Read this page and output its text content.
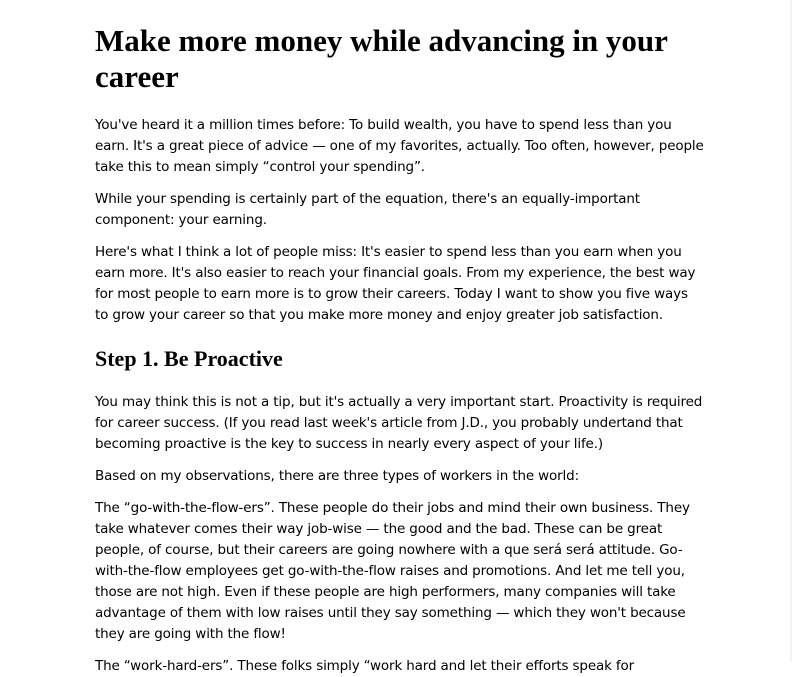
Make more money while advancing in your career

You've heard it a million times before: To build wealth, you have to spend less than you earn. It's a great piece of advice — one of my favorites, actually. Too often, however, people take this to mean simply “control your spending”.

While your spending is certainly part of the equation, there's an equally-important component: your earning.

Here's what I think a lot of people miss: It's easier to spend less than you earn when you earn more. It's also easier to reach your financial goals. From my experience, the best way for most people to earn more is to grow their careers. Today I want to show you five ways to grow your career so that you make more money and enjoy greater job satisfaction.

Step 1. Be Proactive

You may think this is not a tip, but it's actually a very important start. Proactivity is required for career success. (If you read last week's article from J.D., you probably undertand that becoming proactive is the key to success in nearly every aspect of your life.)

Based on my observations, there are three types of workers in the world:

The “go-with-the-flow-ers”. These people do their jobs and mind their own business. They take whatever comes their way job-wise — the good and the bad. These can be great people, of course, but their careers are going nowhere with a que será será attitude. Go-with-the-flow employees get go-with-the-flow raises and promotions. And let me tell you, those are not high. Even if these people are high performers, many companies will take advantage of them with low raises until they say something — which they won't because they are going with the flow!

The “work-hard-ers”. These folks simply “work hard and let their efforts speak for
